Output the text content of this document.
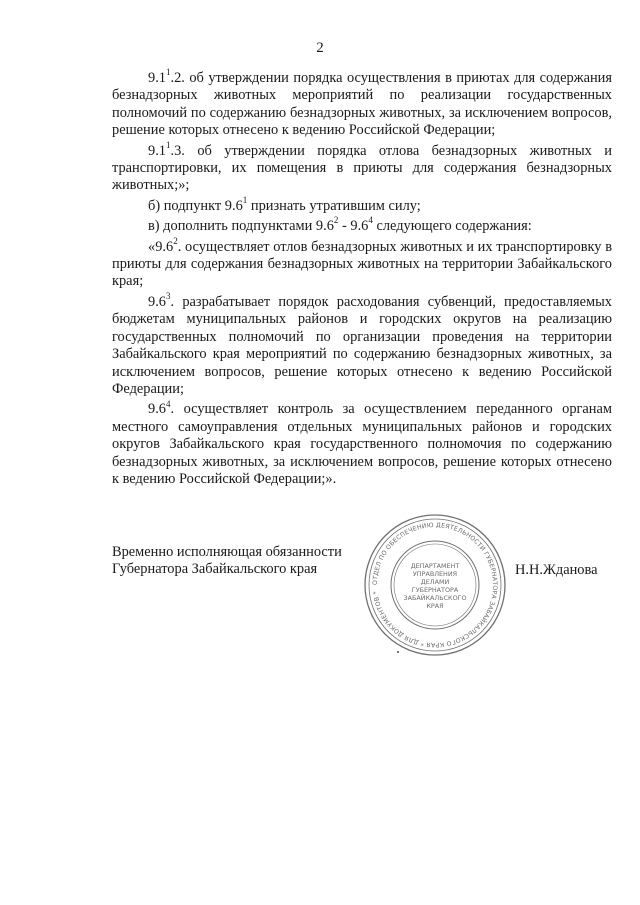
2

$9.1^1.2$. об утверждении порядка осуществления в приютах для содержания безнадзорных животных мероприятий по реализации государственных полномочий по содержанию безнадзорных животных, за исключением вопросов, решение которых отнесено к ведению Российской Федерации;

$9.1^1.3$. об утверждении порядка отлова безнадзорных животных и транспортировки, их помещения в приюты для содержания безнадзорных животных;»;

б) подпункт $9.6^1$ признать утратившим силу;

в) дополнить подпунктами $9.6^2 - 9.6^4$ следующего содержания:

«$9.6^2$. осуществляет отлов безнадзорных животных и их транспортировку в приюты для содержания безнадзорных животных на территории Забайкальского края;

$9.6^3$. разрабатывает порядок расходования субвенций, предоставляемых бюджетам муниципальных районов и городских округов на реализацию государственных полномочий по организации проведения на территории Забайкальского края мероприятий по содержанию безнадзорных животных, за исключением вопросов, решение которых отнесено к ведению Российской Федерации;

$9.6^4$. осуществляет контроль за осуществлением переданного органам местного самоуправления отдельных муниципальных районов и городских округов Забайкальского края государственного полномочия по содержанию безнадзорных животных, за исключением вопросов, решение которых отнесено к ведению Российской Федерации;».

Временно исполняющая обязанности
Губернатора Забайкальского края
ОТДЕЛ ПО ОБЕСПЕЧЕНИЮ ДЕЯТЕЛЬНОСТИ ГУБЕРНАТОРА ЗАБАЙКАЛЬСКОГО КРАЯ * ДЛЯ ДОКУМЕНТОВ *
ДЕПАРТАМЕНТ
УПРАВЛЕНИЯ
ДЕЛАМИ
ГУБЕРНАТОРА
ЗАБАЙКАЛЬСКОГО
КРАЯ
Н.Н.Жданова
